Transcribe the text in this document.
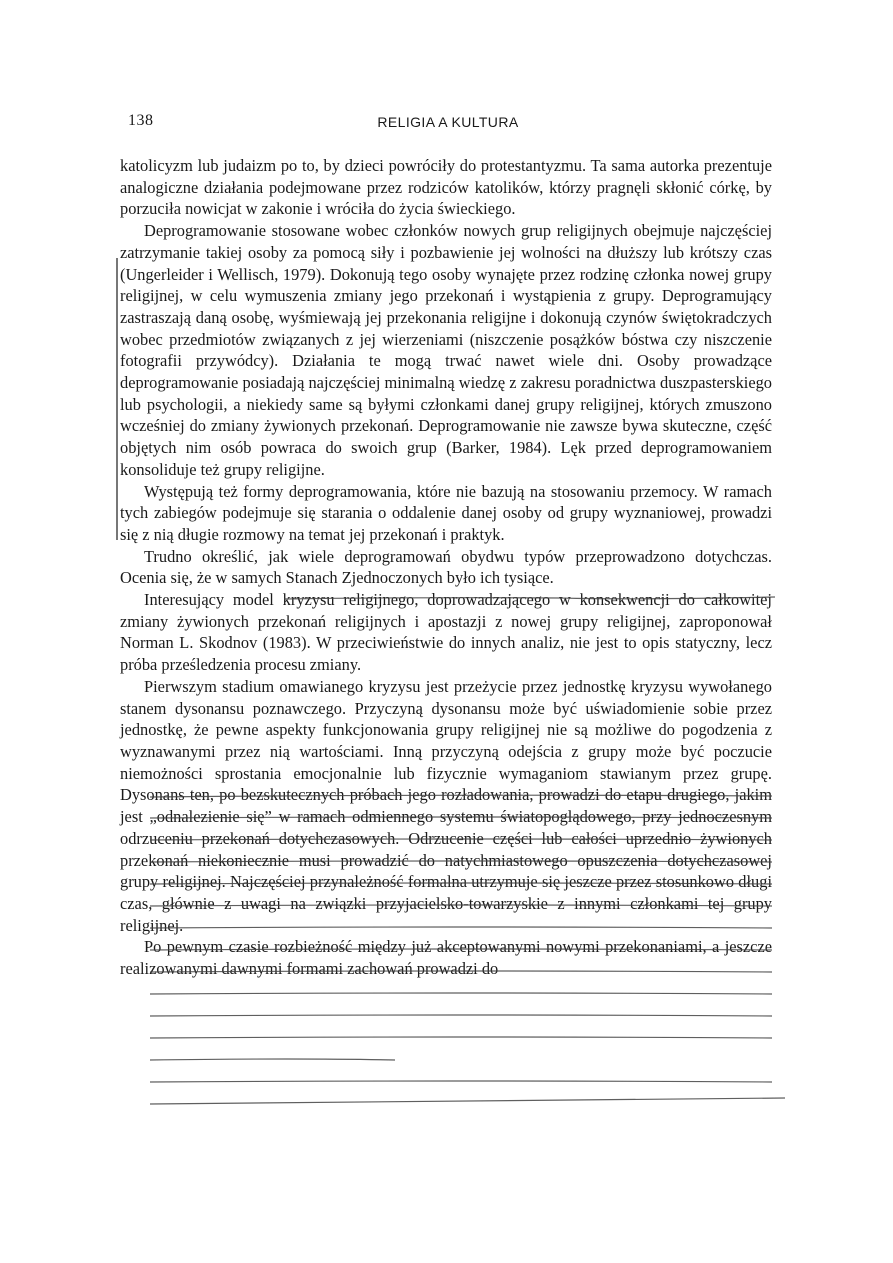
138	RELIGIA A KULTURA

katolicyzm lub judaizm po to, by dzieci powróciły do protestantyzmu. Ta sama autorka prezentuje analogiczne działania podejmowane przez rodziców katolików, którzy pragnęli skłonić córkę, by porzuciła nowicjat w zakonie i wróciła do życia świeckiego.

Deprogramowanie stosowane wobec członków nowych grup religijnych obejmuje najczęściej zatrzymanie takiej osoby za pomocą siły i pozbawienie jej wolności na dłuższy lub krótszy czas (Ungerleider i Wellisch, 1979). Dokonują tego osoby wynajęte przez rodzinę członka nowej grupy religijnej, w celu wymuszenia zmiany jego przekonań i wystąpienia z grupy. Deprogramujący zastraszają daną osobę, wyśmiewają jej przekonania religijne i dokonują czynów świętokradczych wobec przedmiotów związanych z jej wierzeniami (niszczenie posążków bóstwa czy niszczenie fotografii przywódcy). Działania te mogą trwać nawet wiele dni. Osoby prowadzące deprogramowanie posiadają najczęściej minimalną wiedzę z zakresu poradnictwa duszpasterskiego lub psychologii, a niekiedy same są byłymi członkami danej grupy religijnej, których zmuszono wcześniej do zmiany żywionych przekonań. Deprogramowanie nie zawsze bywa skuteczne, część objętych nim osób powraca do swoich grup (Barker, 1984). Lęk przed deprogramowaniem konsoliduje też grupy religijne.

Występują też formy deprogramowania, które nie bazują na stosowaniu przemocy. W ramach tych zabiegów podejmuje się starania o oddalenie danej osoby od grupy wyznaniowej, prowadzi się z nią długie rozmowy na temat jej przekonań i praktyk.

Trudno określić, jak wiele deprogramowań obydwu typów przeprowadzono dotychczas. Ocenia się, że w samych Stanach Zjednoczonych było ich tysiące.

Interesujący model kryzysu religijnego, doprowadzającego w konsekwencji do całkowitej zmiany żywionych przekonań religijnych i apostazji z nowej grupy religijnej, zaproponował Norman L. Skodnov (1983). W przeciwieństwie do innych analiz, nie jest to opis statyczny, lecz próba prześledzenia procesu zmiany.

Pierwszym stadium omawianego kryzysu jest przeżycie przez jednostkę kryzysu wywołanego stanem dysonansu poznawczego. Przyczyną dysonansu może być uświadomienie sobie przez jednostkę, że pewne aspekty funkcjonowania grupy religijnej nie są możliwe do pogodzenia z wyznawanymi przez nią wartościami. Inną przyczyną odejścia z grupy może być poczucie niemożności sprostania emocjonalnie lub fizycznie wymaganiom stawianym przez grupę. Dysonans ten, po bezskutecznych próbach jego rozładowania, prowadzi do etapu drugiego, jakim jest „odnalezienie się” w ramach odmiennego systemu światopoglądowego, przy jednoczesnym odrzuceniu przekonań dotychczasowych. Odrzucenie części lub całości uprzednio żywionych przekonań niekoniecznie musi prowadzić do natychmiastowego opuszczenia dotychczasowej grupy religijnej. Najczęściej przynależność formalna utrzymuje się jeszcze przez stosunkowo długi czas, głównie z uwagi na związki przyjacielsko-towarzyskie z innymi członkami tej grupy religijnej.

Po pewnym czasie rozbieżność między już akceptowanymi nowymi przekonaniami, a jeszcze realizowanymi dawnymi formami zachowań prowadzi do
